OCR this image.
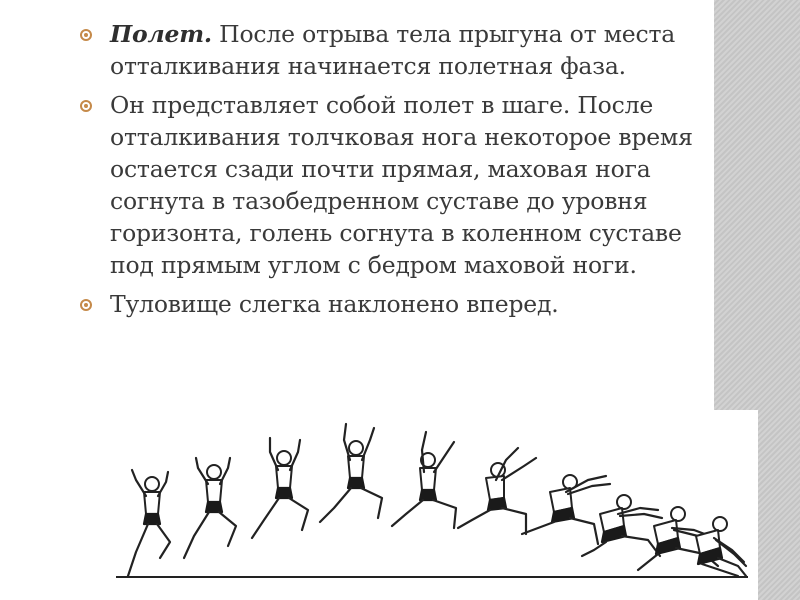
Полет. После отрыва тела прыгуна от места отталкивания начинается полетная фаза.
Он представляет собой полет в шаге. После отталкивания толчковая нога некоторое время остается сзади почти прямая, маховая нога согнута в тазобедренном суставе до уровня горизонта, голень согнута в коленном суставе под прямым углом с бедром маховой ноги.
Туловище слегка наклонено вперед.
